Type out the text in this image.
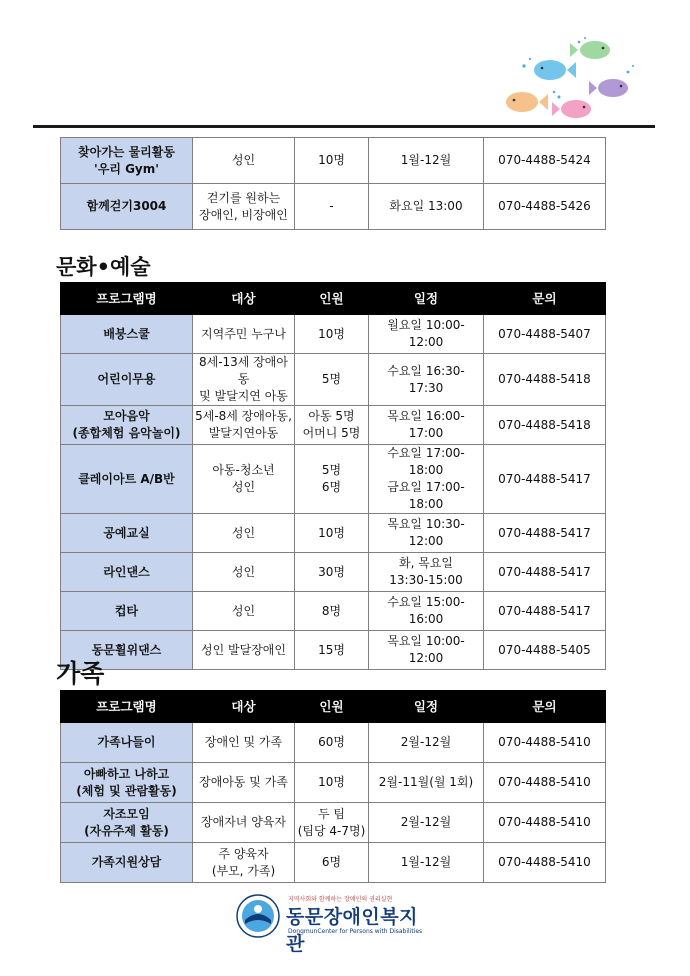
찾아가는 물리활동
'우리 Gym'	성인	10명	1월-12월	070-4488-5424
함께걷기3004	걷기를 원하는
장애인, 비장애인	-	화요일 13:00	070-4488-5426
문화•예술
프로그램명	대상	인원	일정	문의
배붕스쿨	지역주민 누구나	10명	월요일 10:00-12:00	070-4488-5407
어린이무용	8세-13세 장애아동
및 발달지연 아동	5명	수요일 16:30-17:30	070-4488-5418
모아음악
(종합체험 음악놀이)	5세-8세 장애아동,
발달지연아동	아동 5명
어머니 5명	목요일 16:00-17:00	070-4488-5418
클레이아트 A/B반	아동-청소년
성인	5명
6명	수요일 17:00-18:00
금요일 17:00-18:00	070-4488-5417
공예교실	성인	10명	목요일 10:30-12:00	070-4488-5417
라인댄스	성인	30명	화, 목요일
13:30-15:00	070-4488-5417
컵타	성인	8명	수요일 15:00-16:00	070-4488-5417
동문휠위댄스	성인 발달장애인	15명	목요일 10:00-12:00	070-4488-5405
가족
프로그램명	대상	인원	일정	문의
가족나들이	장애인 및 가족	60명	2월-12월	070-4488-5410
아빠하고 나하고
(체험 및 관람활동)	장애아동 및 가족	10명	2월-11월(월 1회)	070-4488-5410
자조모임
(자유주제 활동)	장애자녀 양육자	두 팀
(팀당 4-7명)	2월-12월	070-4488-5410
가족지원상담	주 양육자
(부모, 가족)	6명	1월-12월	070-4488-5410
지역사회와 함께하는 장애인의 권리실현
동문장애인복지관
DongmunCenter for Persons with Disabilities
